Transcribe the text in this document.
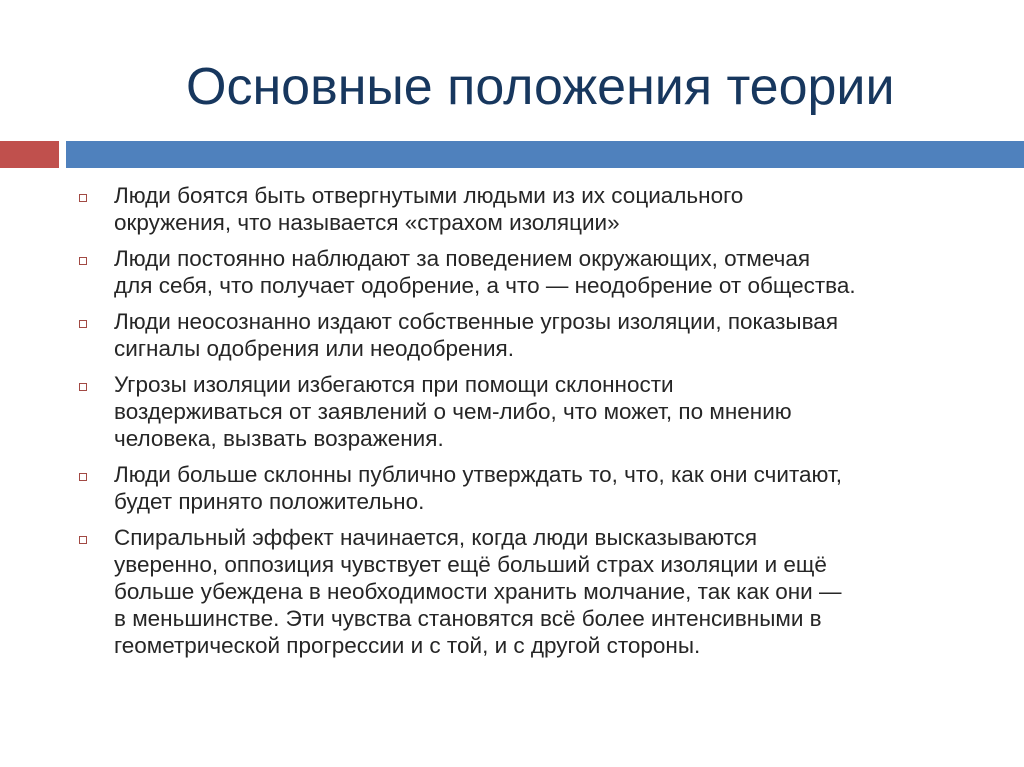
Основные положения теории
Люди боятся быть отвергнутыми людьми из их социального
окружения, что называется «страхом изоляции»
Люди постоянно наблюдают за поведением окружающих, отмечая
для себя, что получает одобрение, а что — неодобрение от общества.
Люди неосознанно издают собственные угрозы изоляции, показывая
сигналы одобрения или неодобрения.
Угрозы изоляции избегаются при помощи склонности
воздерживаться от заявлений о чем-либо, что может, по мнению
человека, вызвать возражения.
Люди больше склонны публично утверждать то, что, как они считают,
будет принято положительно.
Спиральный эффект начинается, когда люди высказываются
уверенно, оппозиция чувствует ещё больший страх изоляции и ещё
больше убеждена в необходимости хранить молчание, так как они —
в меньшинстве. Эти чувства становятся всё более интенсивными в
геометрической прогрессии и с той, и с другой стороны.
